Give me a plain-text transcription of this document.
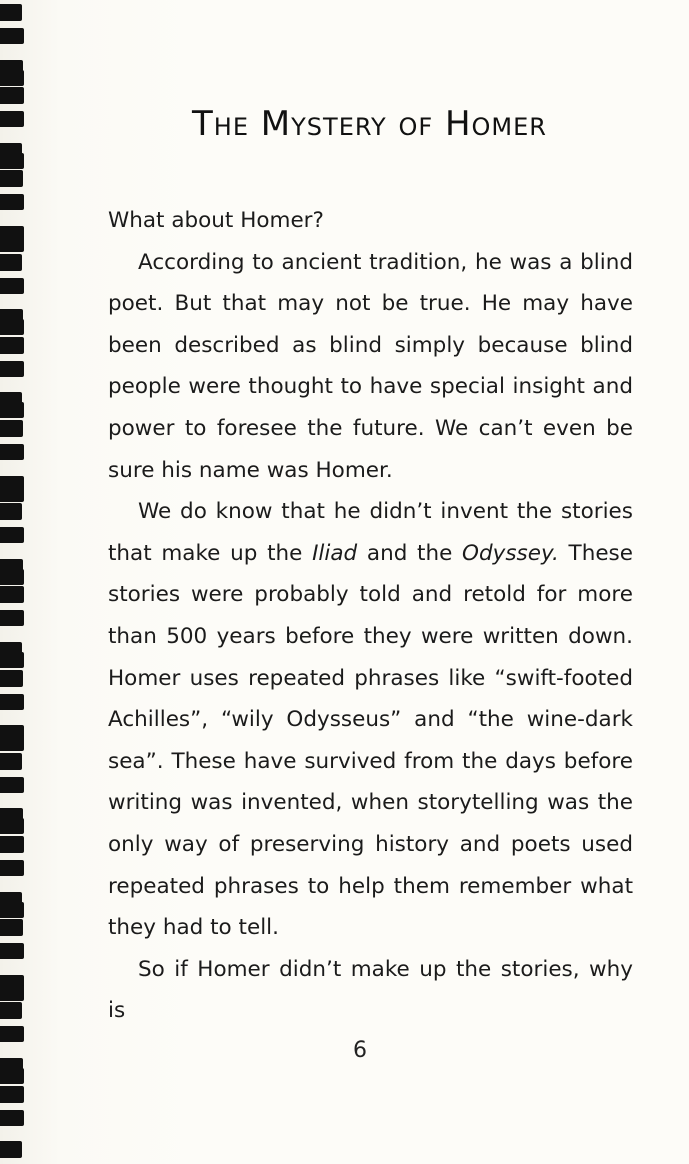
The Mystery of Homer

What about Homer?

According to ancient tradition, he was a blind poet. But that may not be true. He may have been described as blind simply because blind people were thought to have special insight and power to foresee the future. We can’t even be sure his name was Homer.

We do know that he didn’t invent the stories that make up the Iliad and the Odyssey. These stories were probably told and retold for more than 500 years before they were written down. Homer uses repeated phrases like “swift-footed Achilles”, “wily Odysseus” and “the wine-dark sea”. These have survived from the days before writing was invented, when storytelling was the only way of preserving history and poets used repeated phrases to help them remember what they had to tell.

So if Homer didn’t make up the stories, why is

6
